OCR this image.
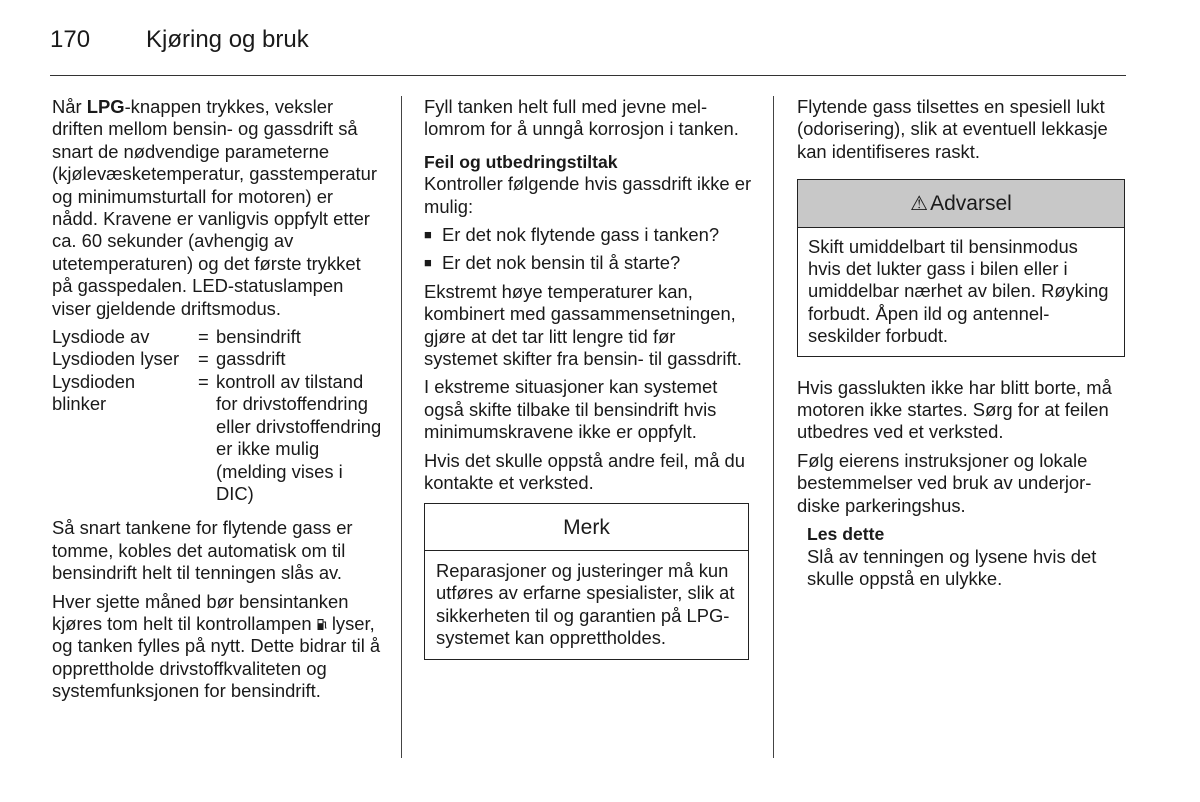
170 Kjøring og bruk

Når LPG-knappen trykkes, veksler driften mellom bensin- og gassdrift så snart de nødvendige parameterne (kjølevæsketemperatur, gasstemperatur og minimumsturtall for motoren) er nådd. Kravene er vanligvis oppfylt etter ca. 60 sekunder (avhengig av utetemperaturen) og det første trykket på gasspedalen. LED-statuslampen viser gjeldende driftsmodus.

Lysdiode av	= bensindrift
Lysdioden lyser	= gassdrift
Lysdioden blinker
= kontroll av tilstand for drivstoffendring eller drivstoffendring er ikke mulig (melding vises i DIC)

Så snart tankene for flytende gass er tomme, kobles det automatisk om til bensindrift helt til tenningen slås av.

Hver sjette måned bør bensintanken kjøres tom helt til kontrollampen  lyser, og tanken fylles på nytt. Dette bidrar til å opprettholde drivstoffkvaliteten og systemfunksjonen for bensindrift.

Fyll tanken helt full med jevne mellomrom for å unngå korrosjon i tanken.

Feil og utbedringstiltak

Kontroller følgende hvis gassdrift ikke er mulig:

■ Er det nok flytende gass i tanken?
■ Er det nok bensin til å starte?

Ekstremt høye temperaturer kan, kombinert med gassammensetningen, gjøre at det tar litt lengre tid før systemet skifter fra bensin- til gassdrift.

I ekstreme situasjoner kan systemet også skifte tilbake til bensindrift hvis minimumskravene ikke er oppfylt.

Hvis det skulle oppstå andre feil, må du kontakte et verksted.

Merk
Reparasjoner og justeringer må kun utføres av erfarne spesialister, slik at sikkerheten til og garantien på LPG-systemet kan opprettholdes.

Flytende gass tilsettes en spesiell lukt (odorisering), slik at eventuell lekkasje kan identifiseres raskt.

⚠Advarsel
Skift umiddelbart til bensinmodus hvis det lukter gass i bilen eller i umiddelbar nærhet av bilen. Røyking forbudt. Åpen ild og antennelseskilder forbudt.

Hvis gasslukten ikke har blitt borte, må motoren ikke startes. Sørg for at feilen utbedres ved et verksted.

Følg eierens instruksjoner og lokale bestemmelser ved bruk av underjordiske parkeringshus.

Les dette
Slå av tenningen og lysene hvis det skulle oppstå en ulykke.
